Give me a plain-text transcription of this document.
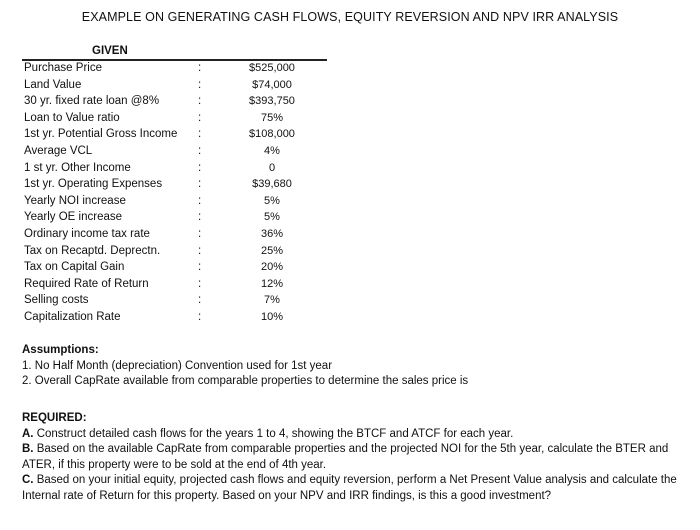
EXAMPLE ON GENERATING CASH FLOWS, EQUITY REVERSION AND NPV IRR ANALYSIS
GIVEN
Purchase Price	:	$525,000
Land Value	:	$74,000
30 yr. fixed rate loan @8%	:	$393,750
Loan to Value ratio	:	75%
1st yr. Potential Gross Income :	$108,000
Average VCL	:	4%
1 st yr. Other Income	:	0
1st yr. Operating Expenses	:	$39,680
Yearly NOI increase	:	5%
Yearly OE increase	:	5%
Ordinary income tax rate	:	36%
Tax on Recaptd. Deprectn.	:	25%
Tax on Capital Gain	:	20%
Required Rate of Return	:	12%
Selling costs	:	7%
Capitalization Rate	:	10%

Assumptions:

1. No Half Month (depreciation) Convention used for 1st year

2. Overall CapRate available from comparable properties to determine the sales price is

REQUIRED:

A. Construct detailed cash flows for the years 1 to 4, showing the BTCF and ATCF for each year.

B. Based on the available CapRate from comparable properties and the projected NOI for the 5th year, calculate the BTER and ATER, if this property were to be sold at the end of 4th year.

C. Based on your initial equity, projected cash flows and equity reversion, perform a Net Present Value analysis and calculate the Internal rate of Return for this property. Based on your NPV and IRR findings, is this a good investment?
